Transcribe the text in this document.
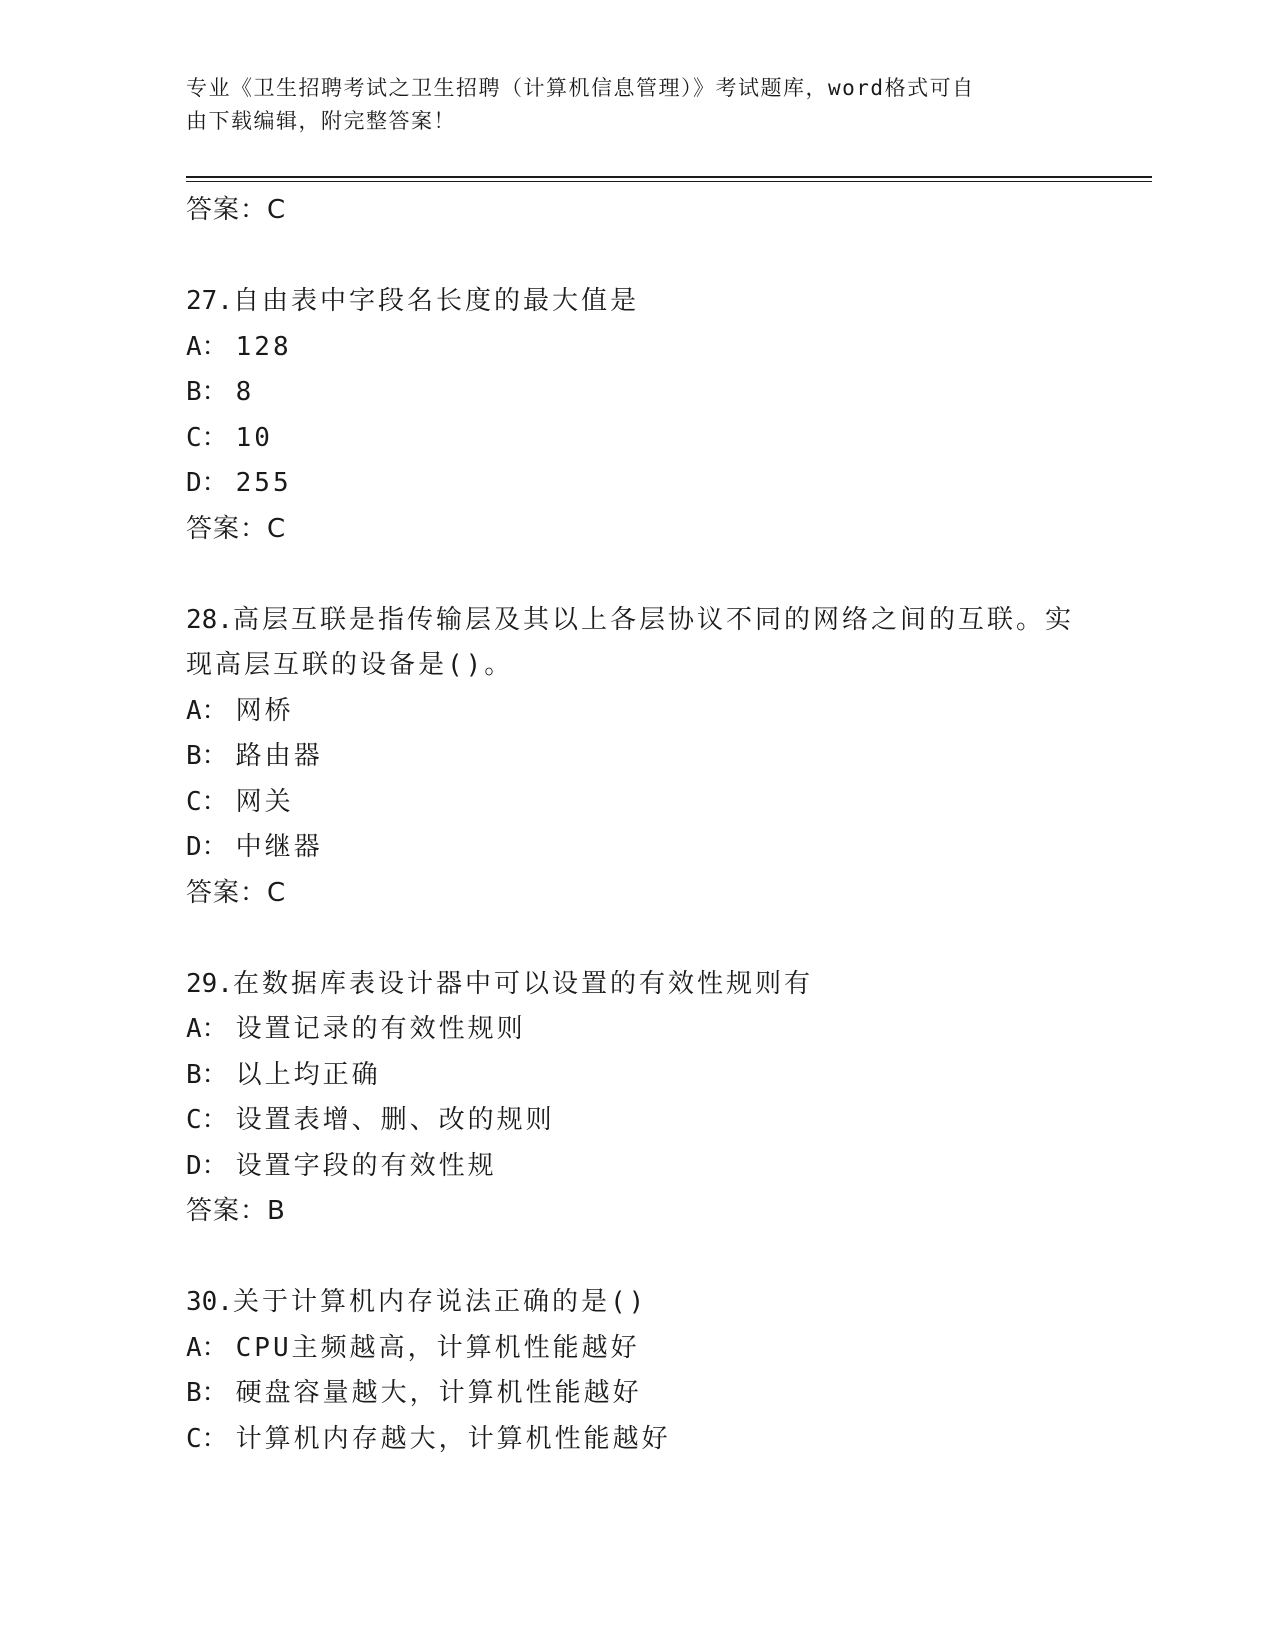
专业《卫生招聘考试之卫生招聘（计算机信息管理）》考试题库，word格式可自
由下载编辑，附完整答案！
答案：C
27.自由表中字段名长度的最大值是
A： 128
B： 8
C： 10
D： 255
答案：C
28.高层互联是指传输层及其以上各层协议不同的网络之间的互联。实
现高层互联的设备是()。
A： 网桥
B： 路由器
C： 网关
D： 中继器
答案：C
29.在数据库表设计器中可以设置的有效性规则有
A： 设置记录的有效性规则
B： 以上均正确
C： 设置表增、删、改的规则
D： 设置字段的有效性规
答案：B
30.关于计算机内存说法正确的是()
A： CPU主频越高，计算机性能越好
B： 硬盘容量越大，计算机性能越好
C： 计算机内存越大，计算机性能越好
